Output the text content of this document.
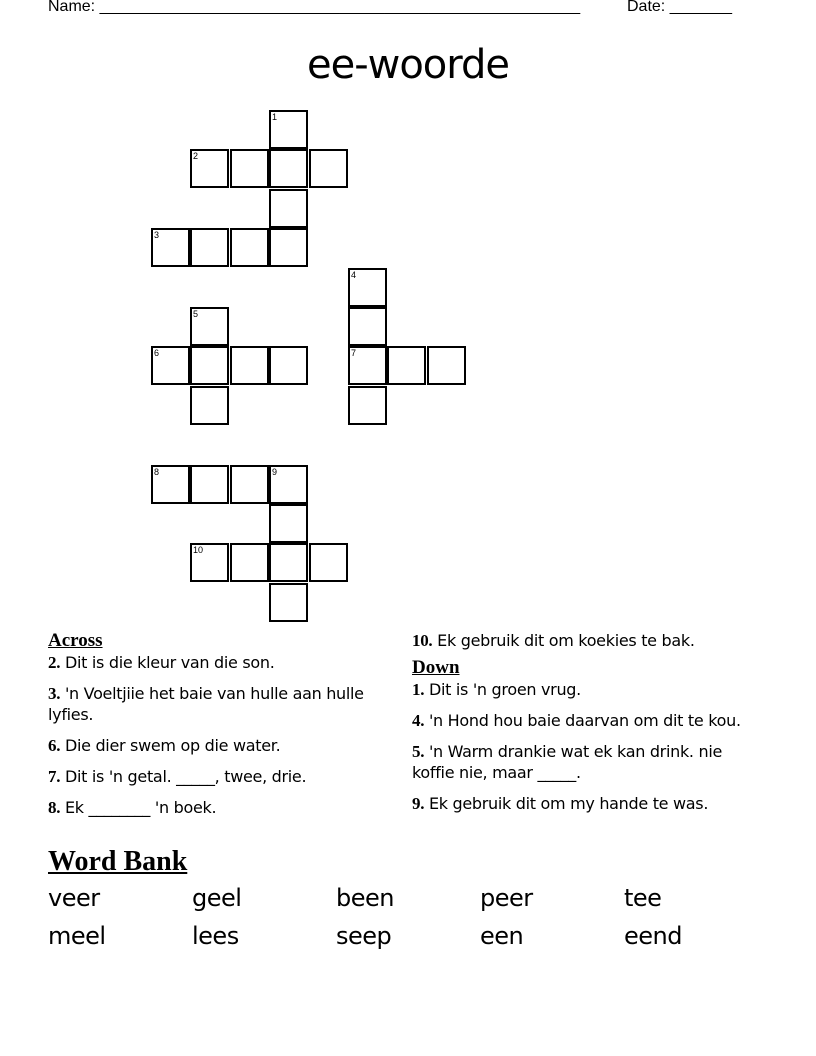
Name: ______________________________________________________	Date: _______
ee-woorde
1
2
3
4
5
6	7
8	9
10
Across
2. Dit is die kleur van die son.
3. 'n Voeltjiie het baie van hulle aan hulle lyfies.
6. Die dier swem op die water.
7. Dit is 'n getal. _____, twee, drie.
8. Ek ________ 'n boek.
10. Ek gebruik dit om koekies te bak.
Down
1. Dit is 'n groen vrug.
4. 'n Hond hou baie daarvan om dit te kou.
5. 'n Warm drankie wat ek kan drink. nie koffie nie, maar _____.
9. Ek gebruik dit om my hande te was.
Word Bank
veer	geel	been	peer	tee
meel	lees	seep	een	eend
